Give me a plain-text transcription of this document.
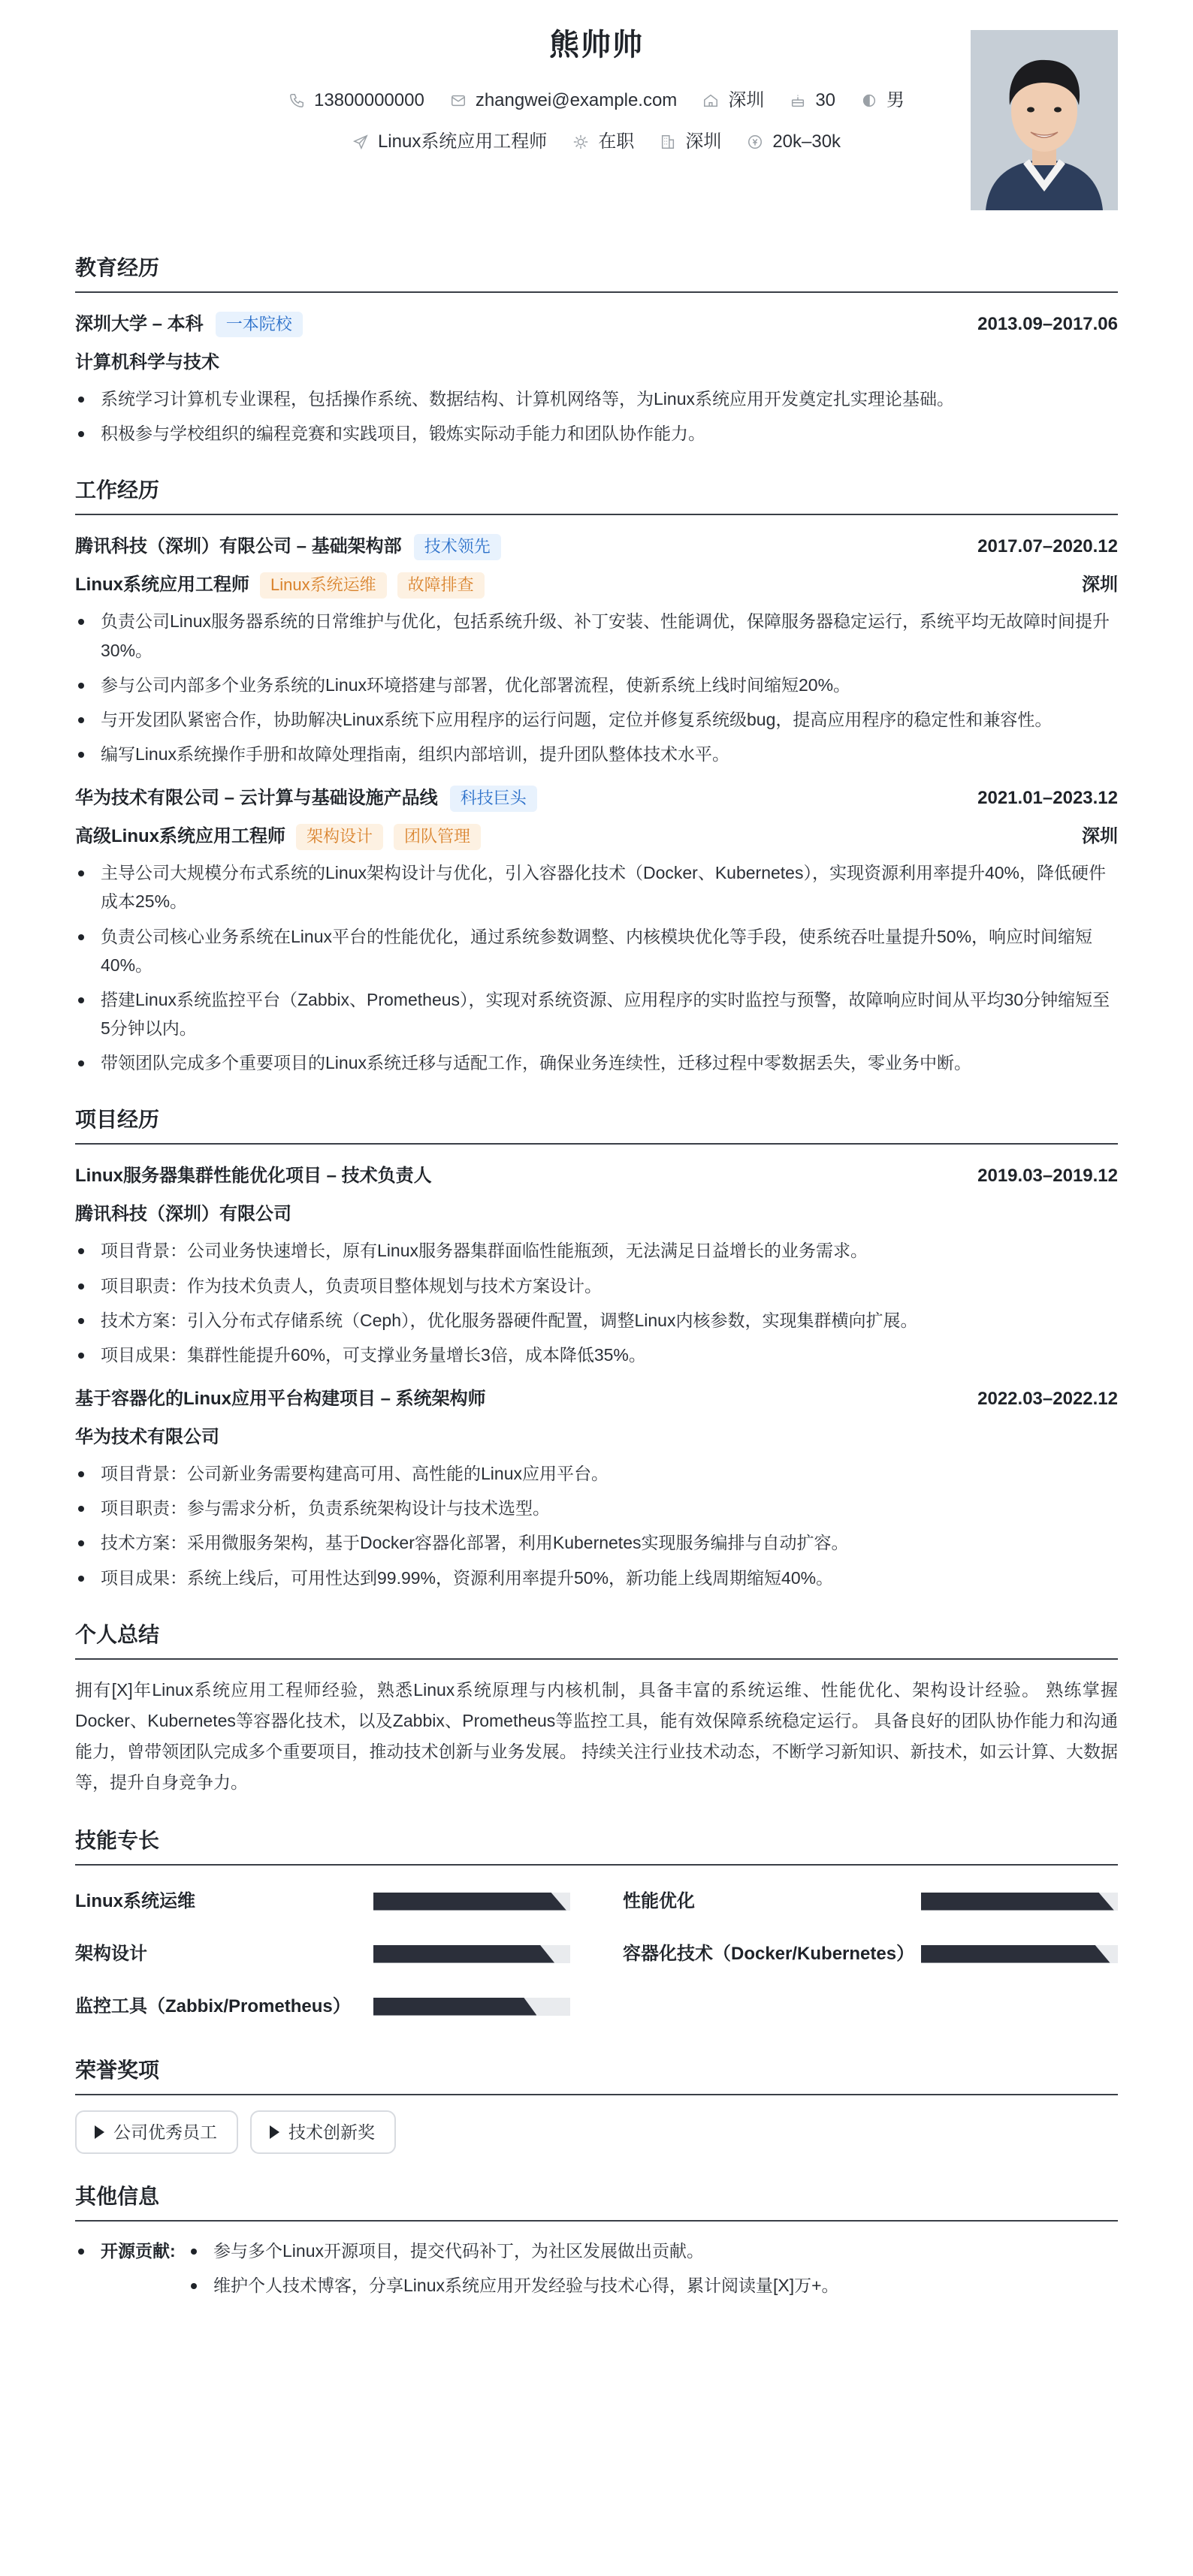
熊帅帅
13800000000	zhangwei@example.com	深圳	30	男
Linux系统应用工程师	在职	深圳	20k–30k
教育经历
深圳大学 – 本科	一本院校	2013.09–2017.06
计算机科学与技术
系统学习计算机专业课程，包括操作系统、数据结构、计算机网络等，为Linux系统应用开发奠定扎实理论基础。
积极参与学校组织的编程竞赛和实践项目，锻炼实际动手能力和团队协作能力。
工作经历
腾讯科技（深圳）有限公司 – 基础架构部	技术领先	2017.07–2020.12
Linux系统应用工程师	Linux系统运维	故障排查	深圳
负责公司Linux服务器系统的日常维护与优化，包括系统升级、补丁安装、性能调优，保障服务器稳定运行，系统平均无故障时间提升30%。
参与公司内部多个业务系统的Linux环境搭建与部署，优化部署流程，使新系统上线时间缩短20%。
与开发团队紧密合作，协助解决Linux系统下应用程序的运行问题，定位并修复系统级bug，提高应用程序的稳定性和兼容性。
编写Linux系统操作手册和故障处理指南，组织内部培训，提升团队整体技术水平。
华为技术有限公司 – 云计算与基础设施产品线	科技巨头	2021.01–2023.12
高级Linux系统应用工程师	架构设计	团队管理	深圳
主导公司大规模分布式系统的Linux架构设计与优化，引入容器化技术（Docker、Kubernetes），实现资源利用率提升40%，降低硬件成本25%。
负责公司核心业务系统在Linux平台的性能优化，通过系统参数调整、内核模块优化等手段，使系统吞吐量提升50%，响应时间缩短40%。
搭建Linux系统监控平台（Zabbix、Prometheus），实现对系统资源、应用程序的实时监控与预警，故障响应时间从平均30分钟缩短至5分钟以内。
带领团队完成多个重要项目的Linux系统迁移与适配工作，确保业务连续性，迁移过程中零数据丢失，零业务中断。
项目经历
Linux服务器集群性能优化项目 – 技术负责人	2019.03–2019.12
腾讯科技（深圳）有限公司
项目背景：公司业务快速增长，原有Linux服务器集群面临性能瓶颈，无法满足日益增长的业务需求。
项目职责：作为技术负责人，负责项目整体规划与技术方案设计。
技术方案：引入分布式存储系统（Ceph），优化服务器硬件配置，调整Linux内核参数，实现集群横向扩展。
项目成果：集群性能提升60%，可支撑业务量增长3倍，成本降低35%。
基于容器化的Linux应用平台构建项目 – 系统架构师	2022.03–2022.12
华为技术有限公司
项目背景：公司新业务需要构建高可用、高性能的Linux应用平台。
项目职责：参与需求分析，负责系统架构设计与技术选型。
技术方案：采用微服务架构，基于Docker容器化部署，利用Kubernetes实现服务编排与自动扩容。
项目成果：系统上线后，可用性达到99.99%，资源利用率提升50%，新功能上线周期缩短40%。
个人总结

拥有[X]年Linux系统应用工程师经验，熟悉Linux系统原理与内核机制，具备丰富的系统运维、性能优化、架构设计经验。 熟练掌握Docker、Kubernetes等容器化技术，以及Zabbix、Prometheus等监控工具，能有效保障系统稳定运行。 具备良好的团队协作能力和沟通能力，曾带领团队完成多个重要项目，推动技术创新与业务发展。 持续关注行业技术动态，不断学习新知识、新技术，如云计算、大数据等，提升自身竞争力。

技能专长
Linux系统运维	性能优化
架构设计	容器化技术（Docker/Kubernetes）
监控工具（Zabbix/Prometheus）
荣誉奖项
公司优秀员工	技术创新奖
其他信息
开源贡献:	参与多个Linux开源项目，提交代码补丁，为社区发展做出贡献。
维护个人技术博客，分享Linux系统应用开发经验与技术心得，累计阅读量[X]万+。
